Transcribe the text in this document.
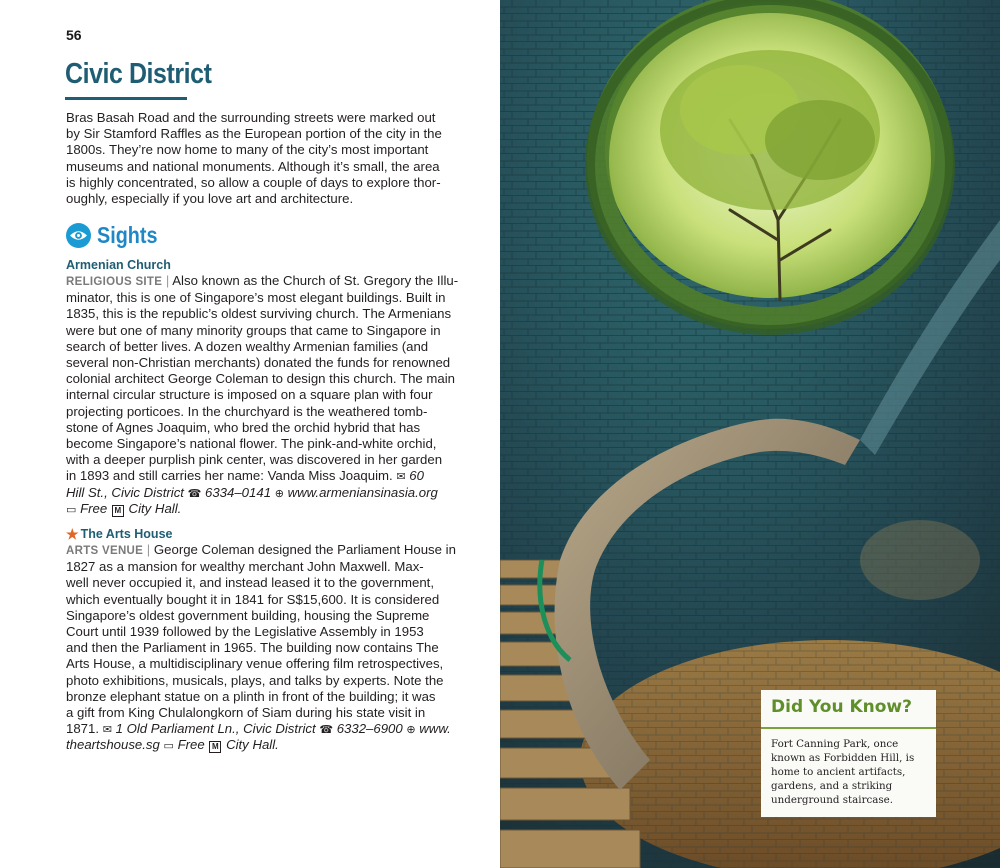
56
Civic District
Bras Basah Road and the surrounding streets were marked out
by Sir Stamford Raffles as the European portion of the city in the
1800s. They’re now home to many of the city’s most important
museums and national monuments. Although it’s small, the area
is highly concentrated, so allow a couple of days to explore thor-
oughly, especially if you love art and architecture.
Sights
Armenian Church
RELIGIOUS SITE | Also known as the Church of St. Gregory the Illu-
minator, this is one of Singapore’s most elegant buildings. Built in
1835, this is the republic’s oldest surviving church. The Armenians
were but one of many minority groups that came to Singapore in
search of better lives. A dozen wealthy Armenian families (and
several non-Christian merchants) donated the funds for renowned
colonial architect George Coleman to design this church. The main
internal circular structure is imposed on a square plan with four
projecting porticoes. In the churchyard is the weathered tomb-
stone of Agnes Joaquim, who bred the orchid hybrid that has
become Singapore’s national flower. The pink-and-white orchid,
with a deeper purplish pink center, was discovered in her garden
in 1893 and still carries her name: Vanda Miss Joaquim. ✉ 60
Hill St., Civic District ☎ 6334–0141 ⊕ www.armeniansinasia.org
▭ Free M City Hall.
★ The Arts House
ARTS VENUE | George Coleman designed the Parliament House in
1827 as a mansion for wealthy merchant John Maxwell. Max-
well never occupied it, and instead leased it to the government,
which eventually bought it in 1841 for S$15,600. It is considered
Singapore’s oldest government building, housing the Supreme
Court until 1939 followed by the Legislative Assembly in 1953
and then the Parliament in 1965. The building now contains The
Arts House, a multidisciplinary venue offering film retrospectives,
photo exhibitions, musicals, plays, and talks by experts. Note the
bronze elephant statue on a plinth in front of the building; it was
a gift from King Chulalongkorn of Siam during his state visit in
1871. ✉ 1 Old Parliament Ln., Civic District ☎ 6332–6900 ⊕ www.
theartshouse.sg ▭ Free M City Hall.
Did You Know?
Fort Canning Park, once
known as Forbidden Hill, is
home to ancient artifacts,
gardens, and a striking
underground staircase.
